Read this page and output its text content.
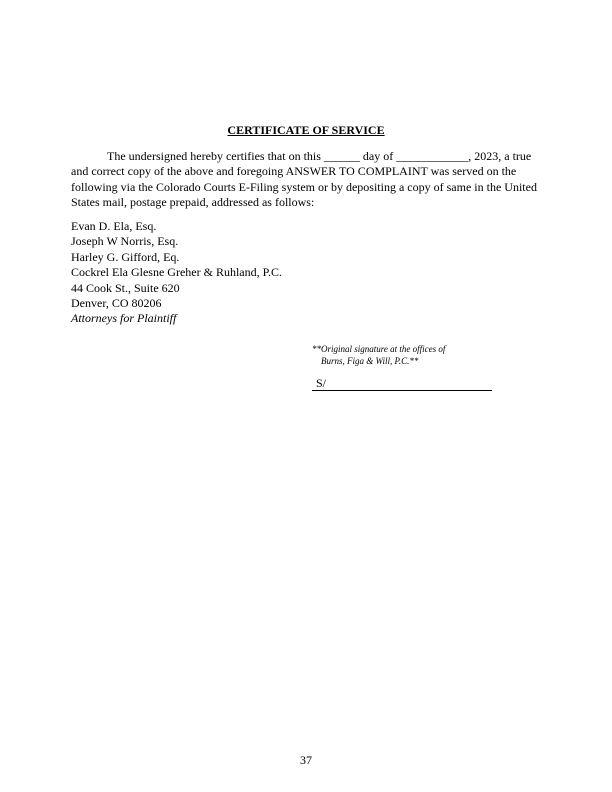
CERTIFICATE OF SERVICE
The undersigned hereby certifies that on this ______ day of ____________, 2023, a true
and correct copy of the above and foregoing ANSWER TO COMPLAINT was served on the
following via the Colorado Courts E-Filing system or by depositing a copy of same in the United
States mail, postage prepaid, addressed as follows:
Evan D. Ela, Esq.
Joseph W Norris, Esq.
Harley G. Gifford, Eq.
Cockrel Ela Glesne Greher & Ruhland, P.C.
44 Cook St., Suite 620
Denver, CO 80206
Attorneys for Plaintiff
**Original signature at the offices of
Burns, Figa & Will, P.C.**
S/
37
